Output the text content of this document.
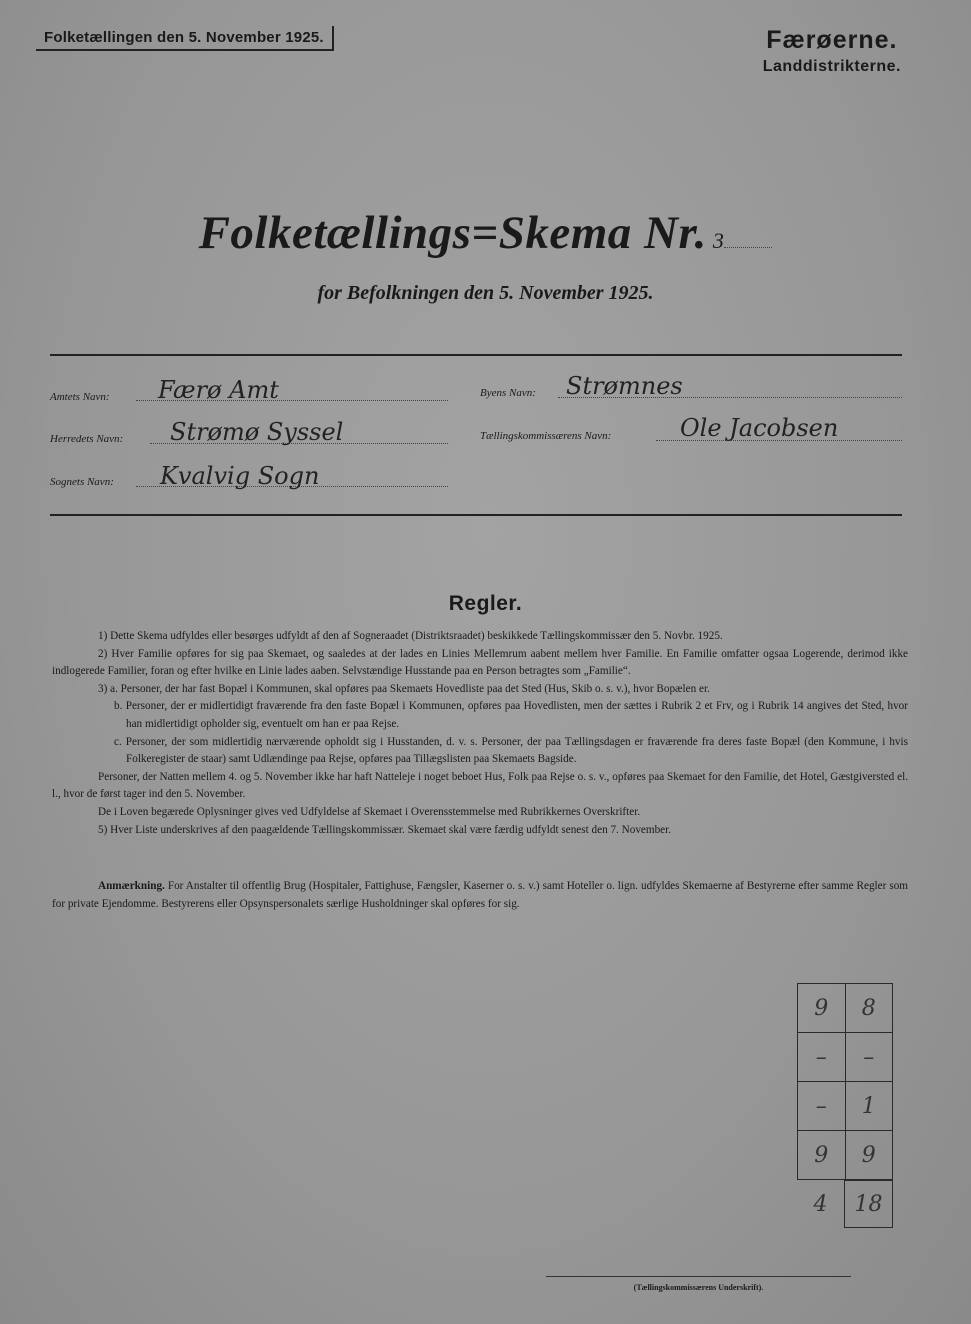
Folketællingen den 5. November 1925.	Færøerne.
Landdistrikterne.
Folketællings=Skema Nr. 3
for Befolkningen den 5. November 1925.
Amtets Navn: Færø Amt	Byens Navn: Strømnes
Herredets Navn: Strømø Syssel	Tællingskommissærens Navn:	Ole Jacobsen
Sognets Navn: Kvalvig Sogn
Regler.

1) Dette Skema udfyldes eller besørges udfyldt af den af Sogneraadet (Distriktsraadet) beskikkede Tællingskommissær den 5. Novbr. 1925.

2) Hver Familie opføres for sig paa Skemaet, og saaledes at der lades en Linies Mellemrum aabent mellem hver Familie. En Familie omfatter ogsaa Logerende, derimod ikke indlogerede Familier, foran og efter hvilke en Linie lades aaben. Selvstændige Husstande paa en Person betragtes som „Familie“.

3) a. Personer, der har fast Bopæl i Kommunen, skal opføres paa Skemaets Hovedliste paa det Sted (Hus, Skib o. s. v.), hvor Bopælen er.

b. Personer, der er midlertidigt fraværende fra den faste Bopæl i Kommunen, opføres paa Hovedlisten, men der sættes i Rubrik 2 et Frv, og i Rubrik 14 angives det Sted, hvor han midlertidigt opholder sig, eventuelt om han er paa Rejse.

c. Personer, der som midlertidig nærværende opholdt sig i Husstanden, d. v. s. Personer, der paa Tællingsdagen er fraværende fra deres faste Bopæl (den Kommune, i hvis Folkeregister de staar) samt Udlændinge paa Rejse, opføres paa Tillægslisten paa Skemaets Bagside.

Personer, der Natten mellem 4. og 5. November ikke har haft Natteleje i noget beboet Hus, Folk paa Rejse o. s. v., opføres paa Skemaet for den Familie, det Hotel, Gæstgiversted el. l., hvor de først tager ind den 5. November.

De i Loven begærede Oplysninger gives ved Udfyldelse af Skemaet i Overensstemmelse med Rubrikkernes Overskrifter.

5) Hver Liste underskrives af den paagældende Tællingskommissær. Skemaet skal være færdig udfyldt senest den 7. November.

Anmærkning. For Anstalter til offentlig Brug (Hospitaler, Fattighuse, Fængsler, Kaserner o. s. v.) samt Hoteller o. lign. udfyldes Skemaerne af Bestyrerne efter samme Regler som for private Ejendomme. Bestyrerens eller Opsynspersonalets særlige Husholdninger skal opføres for sig.
9	8
–	–
–	1
9	9
4	18
(Tællingskommissærens Underskrift).
